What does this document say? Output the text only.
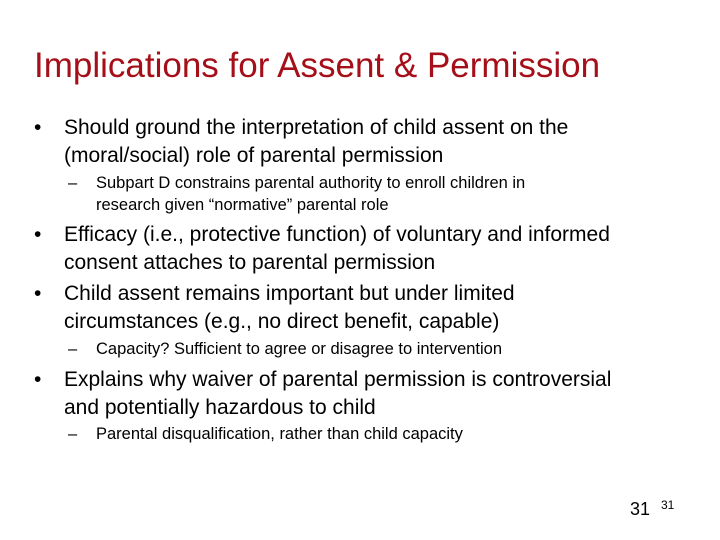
Implications for Assent & Permission
• Should ground the interpretation of child assent on the
(moral/social) role of parental permission
– Subpart D constrains parental authority to enroll children in
research given “normative” parental role
• Efficacy (i.e., protective function) of voluntary and informed
consent attaches to parental permission
• Child assent remains important but under limited
circumstances (e.g., no direct benefit, capable)
– Capacity? Sufficient to agree or disagree to intervention
• Explains why waiver of parental permission is controversial
and potentially hazardous to child
– Parental disqualification, rather than child capacity
31 31
